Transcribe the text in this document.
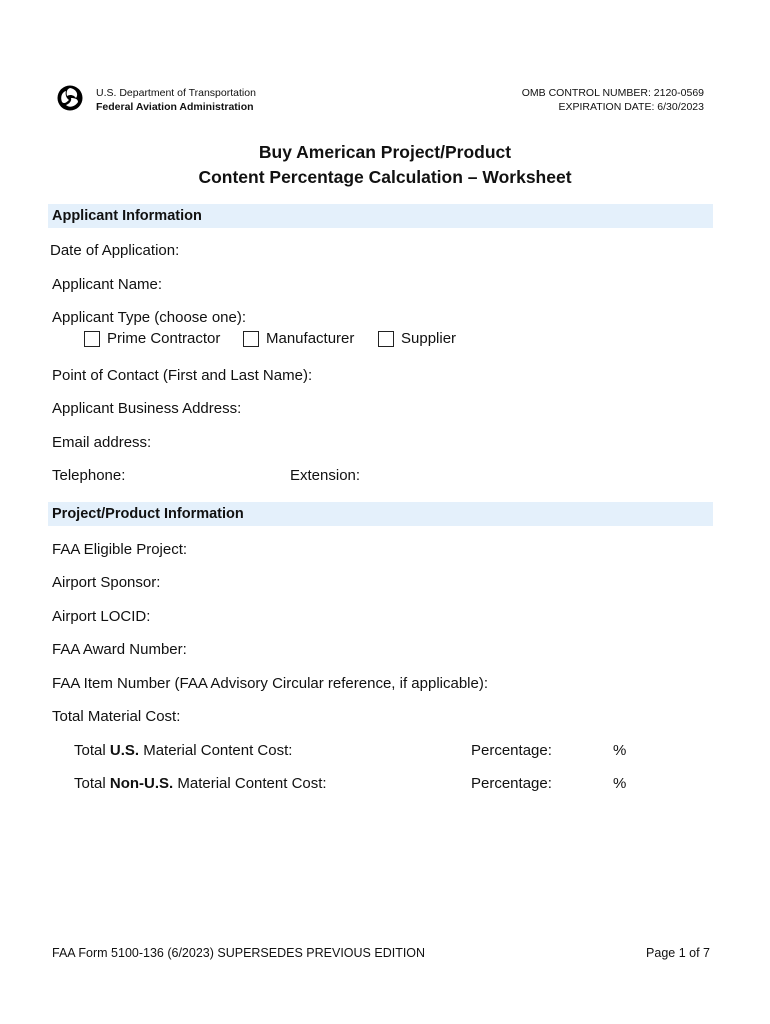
U.S. Department of Transportation
Federal Aviation Administration
OMB CONTROL NUMBER: 2120-0569
EXPIRATION DATE: 6/30/2023
Buy American Project/Product
Content Percentage Calculation – Worksheet
Applicant Information
Date of Application:
Applicant Name:
Applicant Type (choose one):
Prime Contractor	Manufacturer	Supplier
Point of Contact (First and Last Name):
Applicant Business Address:
Email address:
Telephone:	Extension:
Project/Product Information
FAA Eligible Project:
Airport Sponsor:
Airport LOCID:
FAA Award Number:
FAA Item Number (FAA Advisory Circular reference, if applicable):
Total Material Cost:
Total U.S. Material Content Cost:	Percentage:	%
Total Non-U.S. Material Content Cost:	Percentage:	%
FAA Form 5100-136 (6/2023) SUPERSEDES PREVIOUS EDITION	Page 1 of 7
